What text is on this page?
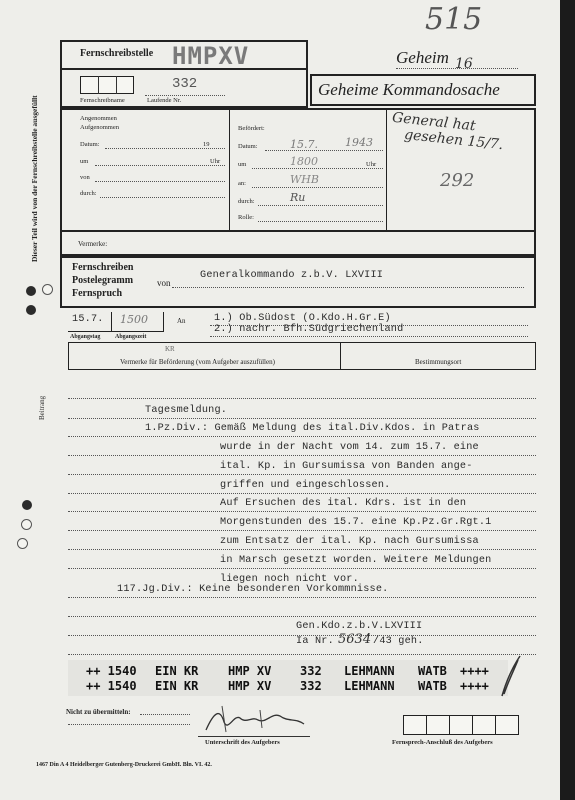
515
Fernschreibstelle HMPXV
332
Fernschreibname	Laufende Nr.
Geheim 16
Geheime Kommandosache
Angenommen
Aufgenommen
Datum:	19
um	Uhr
von
durch:
Befördert:
Datum:	15.7. 1943
um	1800	Uhr
an:	WHB
durch:	Ru
Rolle:
General hat
gesehen 15/7.
292
Dieser Teil wird von der Fernschreibstelle ausgefüllt
Beitrang
Vermerke:
Fernschreiben
Postelegramm
Fernspruch
von
Generalkommando z.b.V. LXVIII
15.7. 1500
Abgangstag Abgangszeit
An	1.) Ob.Südost (O.Kdo.H.Gr.E)
2.) nachr. Bfh.Südgriechenland
KR
Vermerke für Beförderung (vom Aufgeber auszufüllen)	Bestimmungsort
Tagesmeldung.
1.Pz.Div.: Gemäß Meldung des ital.Div.Kdos. in Patras
wurde in der Nacht vom 14. zum 15.7. eine
ital. Kp. in Gursumissa von Banden ange-
griffen und eingeschlossen.
Auf Ersuchen des ital. Kdrs. ist in den
Morgenstunden des 15.7. eine Kp.Pz.Gr.Rgt.1
zum Entsatz der ital. Kp. nach Gursumissa
in Marsch gesetzt worden. Weitere Meldungen
liegen noch nicht vor.
117.Jg.Div.: Keine besonderen Vorkommnisse.
Gen.Kdo.z.b.V.LXVIII
Ia Nr. 5634 /43 geh.
++ 1540 EIN KR HMP XV 332 LEHMANN WATB ++++
++ 1540 EIN KR HMP XV 332 LEHMANN WATB ++++
Nicht zu übermitteln:
Unterschrift des Aufgebers	Fernsprech-Anschluß des Aufgebers
1467 Din A 4 Heidelberger Gutenberg-Druckerei GmbH. Bln. VI. 42.
